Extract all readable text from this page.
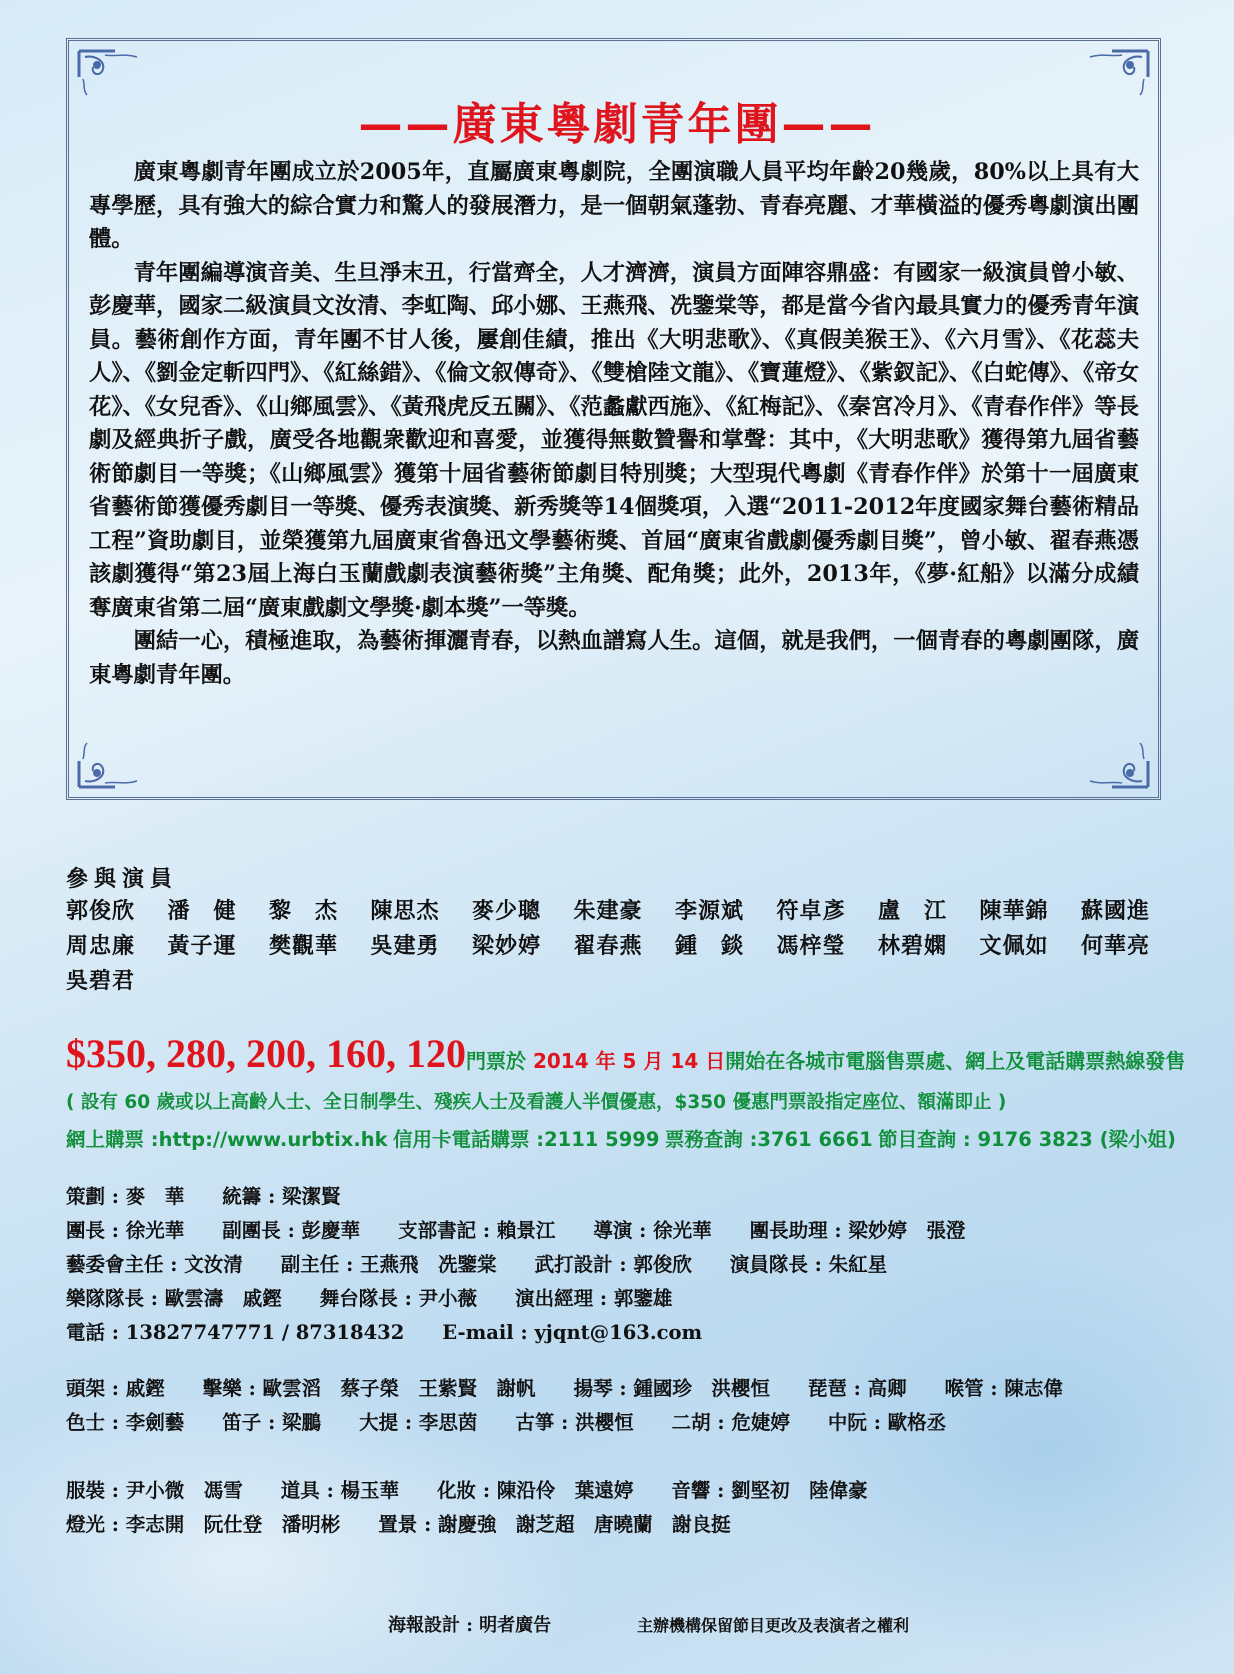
——廣東粵劇青年團——

廣東粵劇青年團成立於2005年，直屬廣東粵劇院，全團演職人員平均年齡20幾歲，80%以上具有大專學歷，具有強大的綜合實力和驚人的發展潛力，是一個朝氣蓬勃、青春亮麗、才華橫溢的優秀粵劇演出團體。

青年團編導演音美、生旦淨末丑，行當齊全，人才濟濟，演員方面陣容鼎盛：有國家一級演員曾小敏、彭慶華，國家二級演員文汝清、李虹陶、邱小娜、王燕飛、冼鑒棠等，都是當今省內最具實力的優秀青年演員。藝術創作方面，青年團不甘人後，屢創佳績，推出《大明悲歌》、《真假美猴王》、《六月雪》、《花蕊夫人》、《劉金定斬四門》、《紅絲錯》、《倫文叙傳奇》、《雙槍陸文龍》、《寶蓮燈》、《紫釵記》、《白蛇傳》、《帝女花》、《女兒香》、《山鄉風雲》、《黃飛虎反五關》、《范蠡獻西施》、《紅梅記》、《秦宮冷月》、《青春作伴》等長劇及經典折子戲，廣受各地觀衆歡迎和喜愛，並獲得無數贊譽和掌聲：其中，《大明悲歌》獲得第九屆省藝術節劇目一等獎；《山鄉風雲》獲第十屆省藝術節劇目特別獎；大型現代粵劇《青春作伴》於第十一屆廣東省藝術節獲優秀劇目一等獎、優秀表演獎、新秀獎等14個獎項，入選“2011-2012年度國家舞台藝術精品工程”資助劇目，並榮獲第九屆廣東省魯迅文學藝術獎、首屆“廣東省戲劇優秀劇目獎”，曾小敏、翟春燕憑該劇獲得“第23屆上海白玉蘭戲劇表演藝術獎”主角獎、配角獎；此外，2013年，《夢·紅船》以滿分成績奪廣東省第二屆“廣東戲劇文學獎·劇本獎”一等獎。

團結一心，積極進取，為藝術揮灑青春，以熱血譜寫人生。這個，就是我們，一個青春的粵劇團隊，廣東粵劇青年團。

參與演員
郭俊欣	潘　健	黎　杰	陳思杰	麥少聰	朱建豪	李源斌	符卓彥	盧　江	陳華錦	蘇國進
周忠廉	黃子運	樊觀華	吳建勇	梁妙婷	翟春燕	鍾　錟	馮梓瑩	林碧嫻	文佩如	何華亮
吳碧君
$350, 280, 200, 160, 120 門票於 2014 年 5 月 14 日開始在各城市電腦售票處、網上及電話購票熱線發售
( 設有 60 歲或以上高齡人士、全日制學生、殘疾人士及看護人半價優惠，$350 優惠門票設指定座位、額滿即止 )
網上購票 :http://www.urbtix.hk 信用卡電話購票 :2111 5999 票務查詢 :3761 6661 節目查詢 : 9176 3823 (梁小姐)
策劃 : 麥　華 統籌 : 梁潔賢
團長 : 徐光華 副團長 : 彭慶華 支部書記 : 賴景江 導演 : 徐光華 團長助理 : 梁妙婷　張澄
藝委會主任 : 文汝清 副主任 : 王燕飛　冼鑒棠 武打設計 : 郭俊欣 演員隊長 : 朱紅星
樂隊隊長 : 歐雲濤　戚鏗 舞台隊長 : 尹小薇 演出經理 : 郭鑒雄
電話 : 13827747771 / 87318432 E-mail : yjqnt@163.com
頭架 : 戚鏗 擊樂 : 歐雲滔　蔡子榮　王紫賢　謝帆 揚琴 : 鍾國珍　洪櫻恒 琵琶 : 高卿 喉管 : 陳志偉
色士 : 李劍藝 笛子 : 梁鵬 大提 : 李思茵 古箏 : 洪櫻恒 二胡 : 危婕婷 中阮 : 歐格丞
服裝 : 尹小微　馮雪 道具 : 楊玉華 化妝 : 陳沿伶　葉遠婷 音響 : 劉堅初　陸偉豪
燈光 : 李志開　阮仕登　潘明彬 置景 : 謝慶強　謝芝超　唐曉蘭　謝良挺
海報設計 : 明者廣告	主辦機構保留節目更改及表演者之權利
